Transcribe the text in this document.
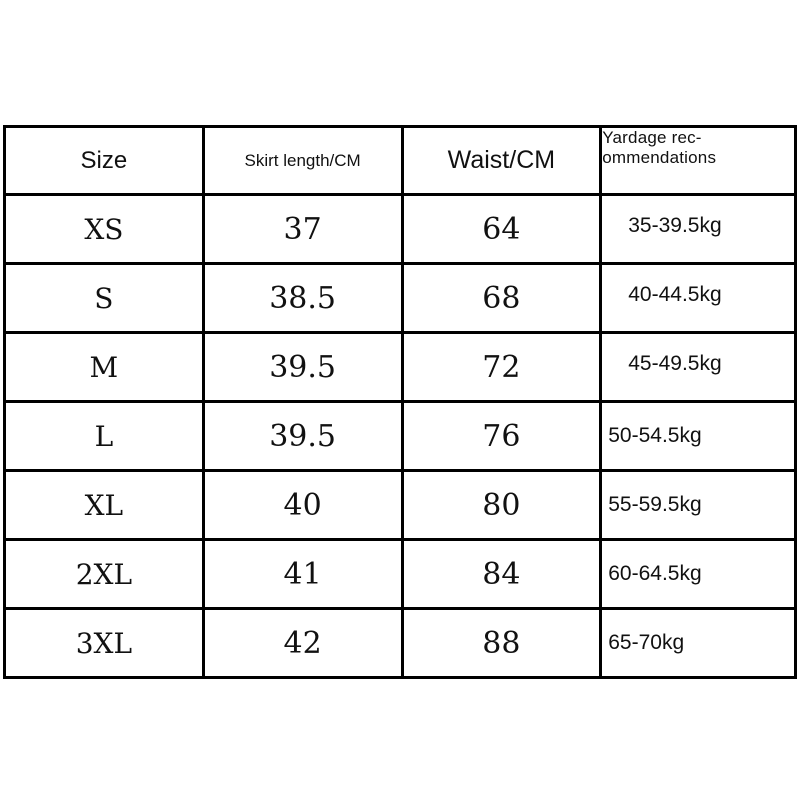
Size	Skirt length/CM	Waist/CM	Yardage rec-
ommendations

XS	37	64	35-39.5kg
S	38.5	68	40-44.5kg
M	39.5	72	45-49.5kg
L	39.5	76	50-54.5kg
XL	40	80	55-59.5kg
2XL	41	84	60-64.5kg
3XL	42	88	65-70kg
